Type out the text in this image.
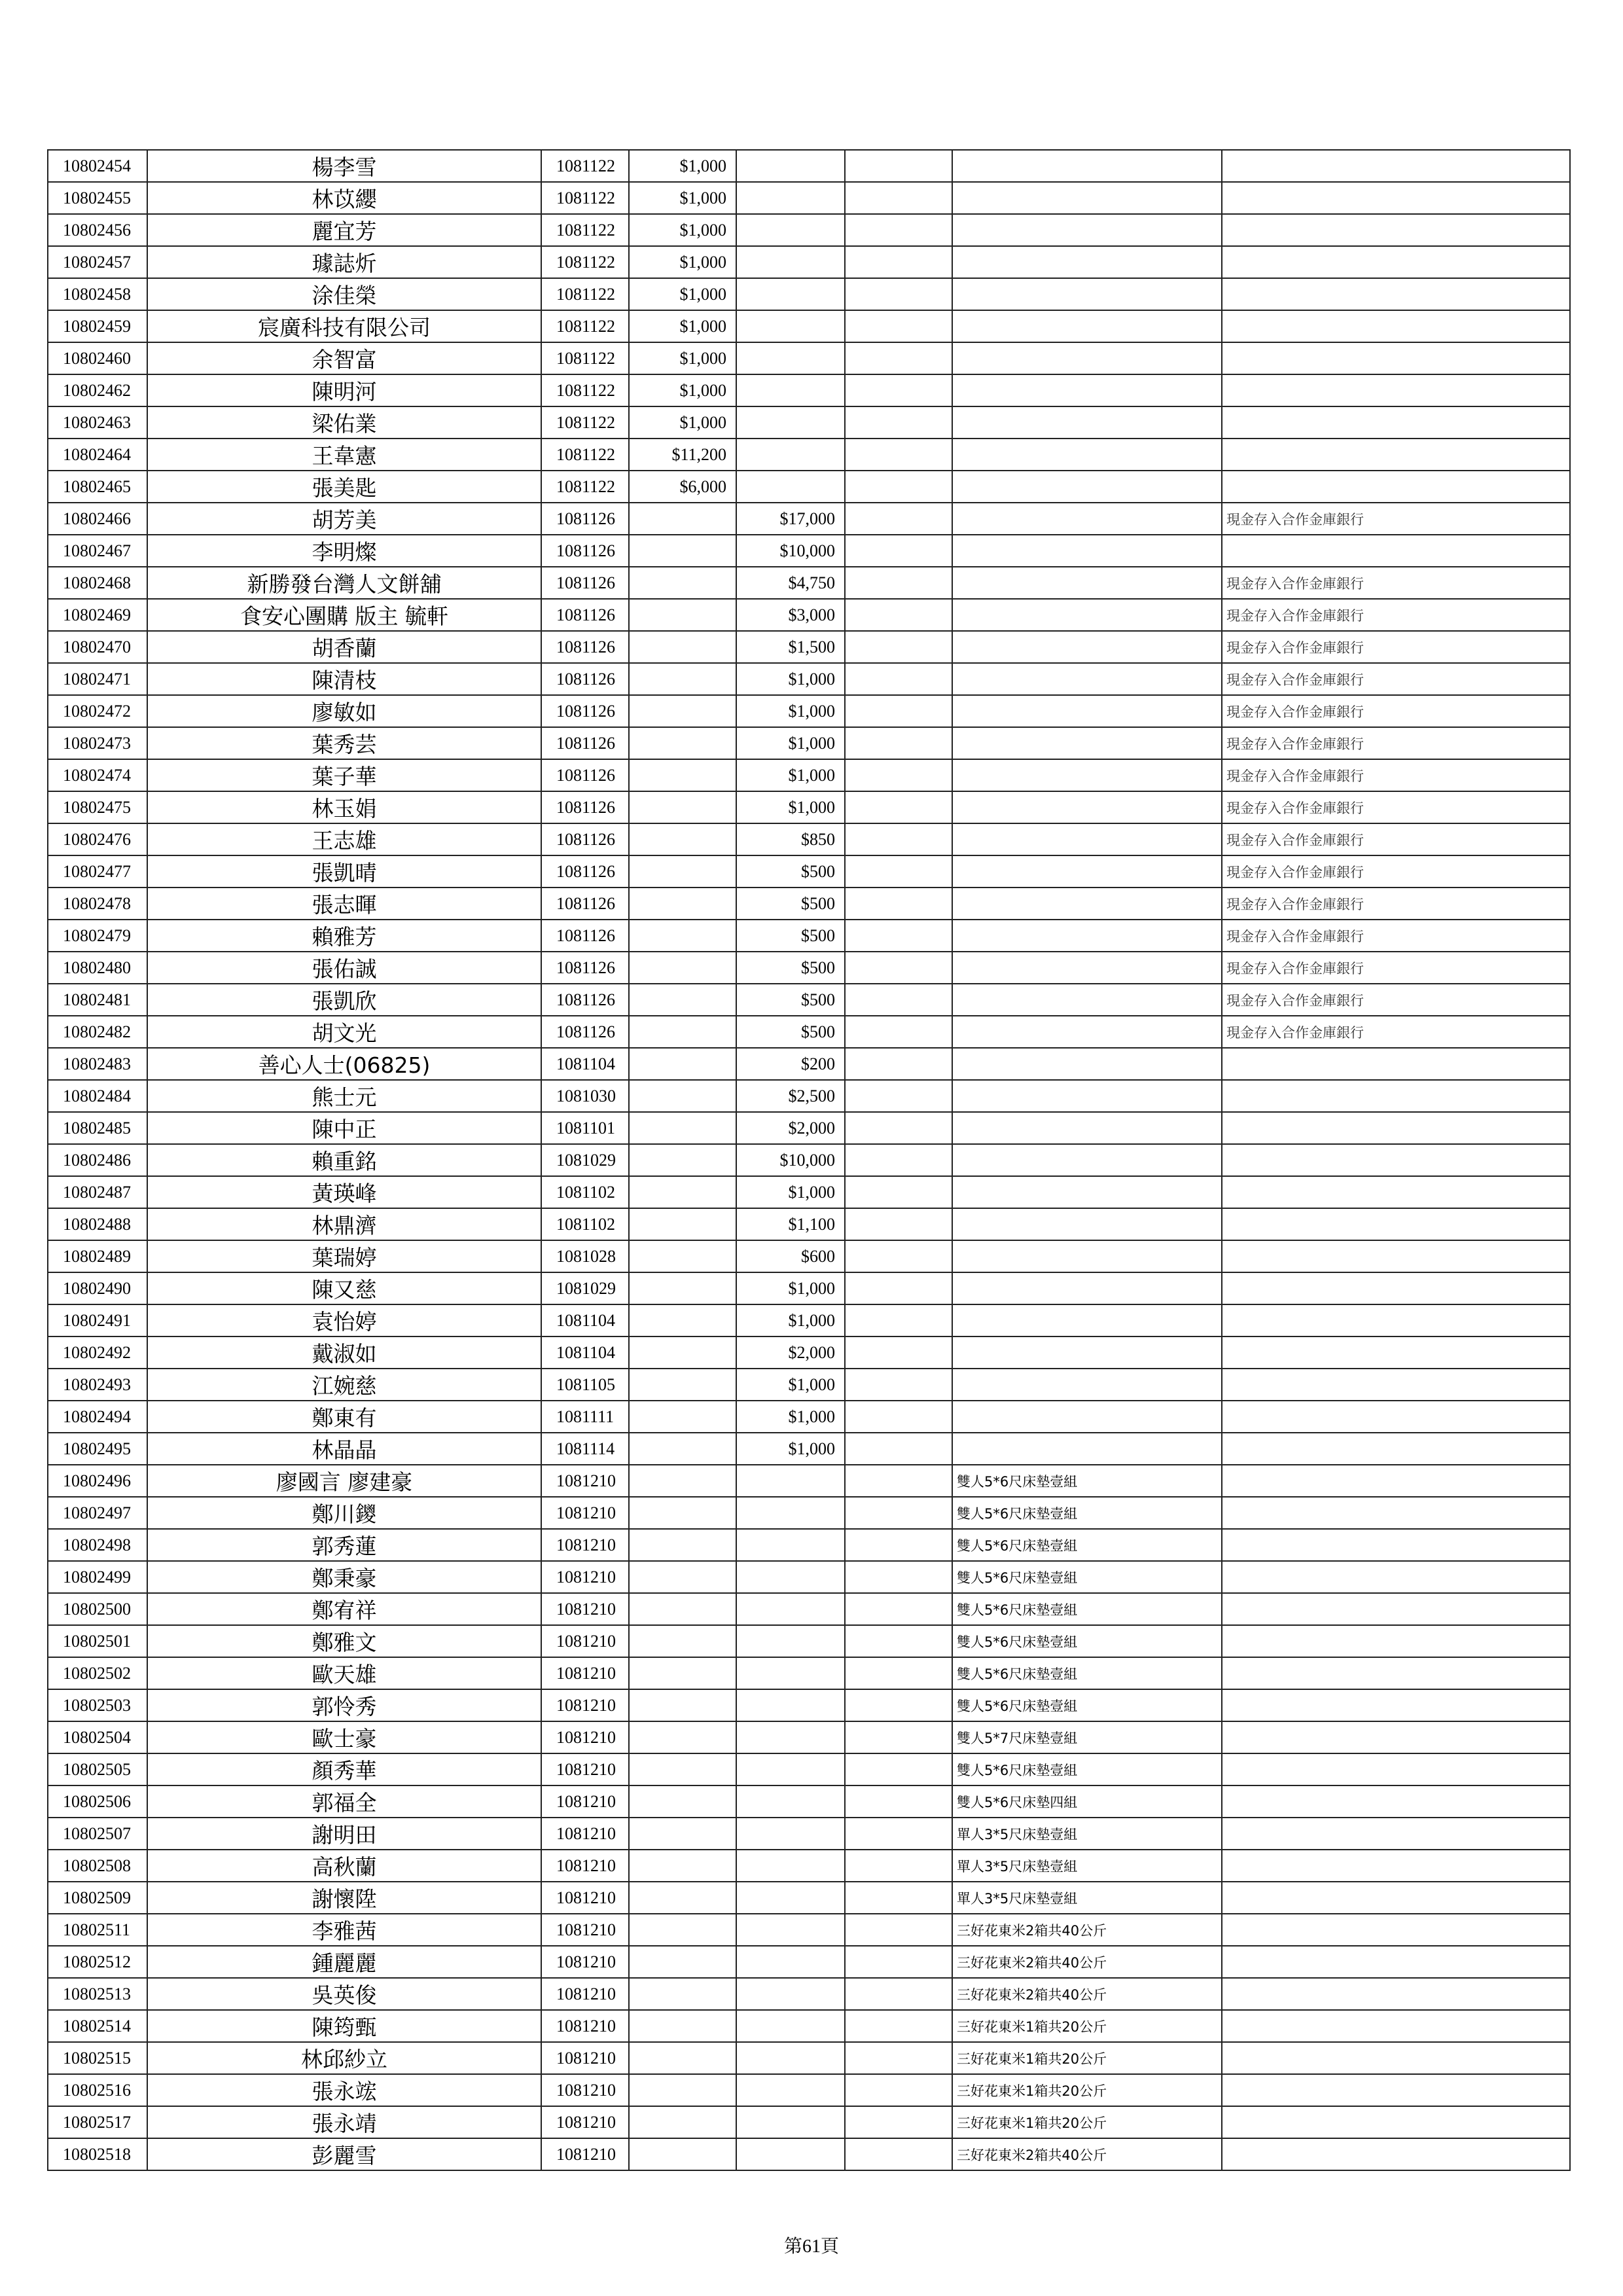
10802454	楊李雪	1081122	$1,000				
10802455	林苡纓	1081122	$1,000				
10802456	麗宜芳	1081122	$1,000				
10802457	璩誌炘	1081122	$1,000				
10802458	涂佳榮	1081122	$1,000				
10802459	宸廣科技有限公司	1081122	$1,000				
10802460	余智富	1081122	$1,000				
10802462	陳明河	1081122	$1,000				
10802463	梁佑業	1081122	$1,000				
10802464	王韋憲	1081122	$11,200				
10802465	張美匙	1081122	$6,000				
10802466	胡芳美	1081126		$17,000			現金存入合作金庫銀行
10802467	李明燦	1081126		$10,000			
10802468	新勝發台灣人文餅舖	1081126		$4,750			現金存入合作金庫銀行
10802469	食安心團購 版主 毓軒	1081126		$3,000			現金存入合作金庫銀行
10802470	胡香蘭	1081126		$1,500			現金存入合作金庫銀行
10802471	陳清枝	1081126		$1,000			現金存入合作金庫銀行
10802472	廖敏如	1081126		$1,000			現金存入合作金庫銀行
10802473	葉秀芸	1081126		$1,000			現金存入合作金庫銀行
10802474	葉子華	1081126		$1,000			現金存入合作金庫銀行
10802475	林玉娟	1081126		$1,000			現金存入合作金庫銀行
10802476	王志雄	1081126		$850			現金存入合作金庫銀行
10802477	張凱晴	1081126		$500			現金存入合作金庫銀行
10802478	張志暉	1081126		$500			現金存入合作金庫銀行
10802479	賴雅芳	1081126		$500			現金存入合作金庫銀行
10802480	張佑誠	1081126		$500			現金存入合作金庫銀行
10802481	張凱欣	1081126		$500			現金存入合作金庫銀行
10802482	胡文光	1081126		$500			現金存入合作金庫銀行
10802483	善心人士(06825)	1081104		$200			
10802484	熊士元	1081030		$2,500			
10802485	陳中正	1081101		$2,000			
10802486	賴重銘	1081029		$10,000			
10802487	黃瑛峰	1081102		$1,000			
10802488	林鼎濟	1081102		$1,100			
10802489	葉瑞婷	1081028		$600			
10802490	陳又慈	1081029		$1,000			
10802491	袁怡婷	1081104		$1,000			
10802492	戴淑如	1081104		$2,000			
10802493	江婉慈	1081105		$1,000			
10802494	鄭東有	1081111		$1,000			
10802495	林晶晶	1081114		$1,000			
10802496	廖國言 廖建豪	1081210				雙人5*6尺床墊壹組	
10802497	鄭川鑁	1081210				雙人5*6尺床墊壹組	
10802498	郭秀蓮	1081210				雙人5*6尺床墊壹組	
10802499	鄭秉豪	1081210				雙人5*6尺床墊壹組	
10802500	鄭宥祥	1081210				雙人5*6尺床墊壹組	
10802501	鄭雅文	1081210				雙人5*6尺床墊壹組	
10802502	歐天雄	1081210				雙人5*6尺床墊壹組	
10802503	郭怜秀	1081210				雙人5*6尺床墊壹組	
10802504	歐士豪	1081210				雙人5*7尺床墊壹組	
10802505	顏秀華	1081210				雙人5*6尺床墊壹組	
10802506	郭福全	1081210				雙人5*6尺床墊四組	
10802507	謝明田	1081210				單人3*5尺床墊壹組	
10802508	高秋蘭	1081210				單人3*5尺床墊壹組	
10802509	謝懷陞	1081210				單人3*5尺床墊壹組	
10802511	李雅茜	1081210				三好花東米2箱共40公斤	
10802512	鍾麗麗	1081210				三好花東米2箱共40公斤	
10802513	吳英俊	1081210				三好花東米2箱共40公斤	
10802514	陳筠甄	1081210				三好花東米1箱共20公斤	
10802515	林邱紗立	1081210				三好花東米1箱共20公斤	
10802516	張永竤	1081210				三好花東米1箱共20公斤	
10802517	張永靖	1081210				三好花東米1箱共20公斤	
10802518	彭麗雪	1081210				三好花東米2箱共40公斤	
第61頁
